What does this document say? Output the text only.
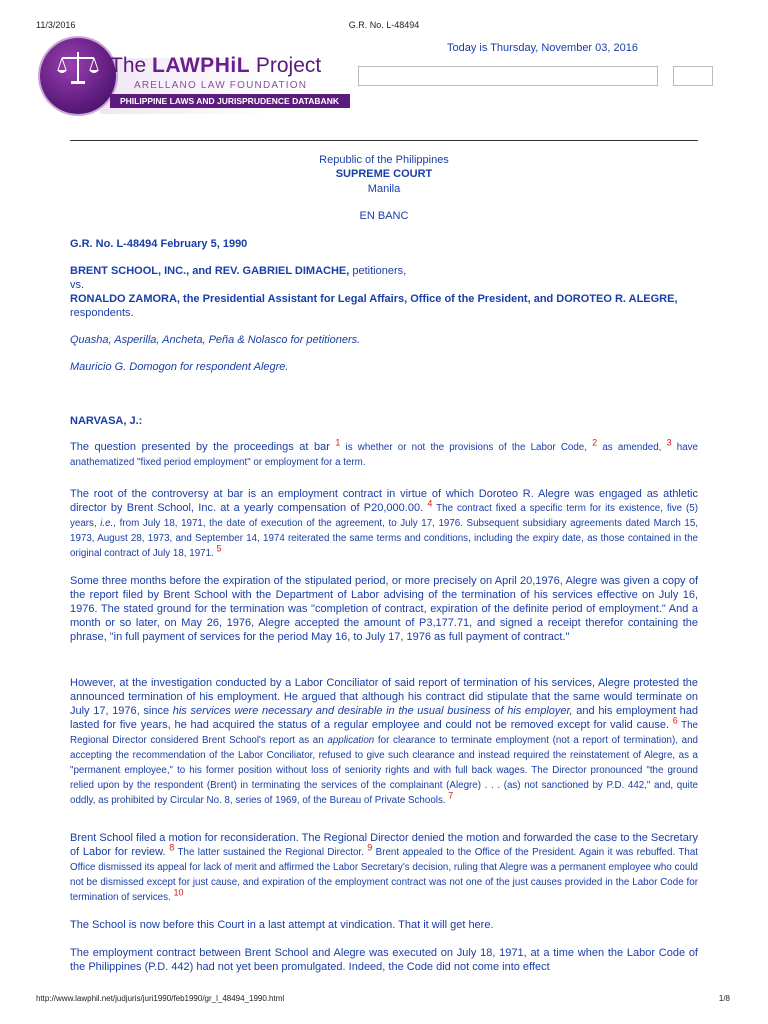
11/3/2016	G.R. No. L-48494
The LAWPHiL Project
ARELLANO LAW FOUNDATION
PHILIPPINE LAWS AND JURISPRUDENCE DATABANK
Today is Thursday, November 03, 2016
Republic of the Philippines
SUPREME COURT
Manila
EN BANC
G.R. No. L-48494 February 5, 1990
BRENT SCHOOL, INC., and REV. GABRIEL DIMACHE, petitioners,
vs.
RONALDO ZAMORA, the Presidential Assistant for Legal Affairs, Office of the President, and DOROTEO R. ALEGRE, respondents.
Quasha, Asperilla, Ancheta, Peña & Nolasco for petitioners.
Mauricio G. Domogon for respondent Alegre.
NARVASA, J.:
The question presented by the proceedings at bar $^1$ is whether or not the provisions of the Labor Code, $^2$ as amended, $^3$ have anathematized "fixed period employment" or employment for a term.
The root of the controversy at bar is an employment contract in virtue of which Doroteo R. Alegre was engaged as athletic director by Brent School, Inc. at a yearly compensation of P20,000.00. $^4$ The contract fixed a specific term for its existence, five (5) years, i.e., from July 18, 1971, the date of execution of the agreement, to July 17, 1976. Subsequent subsidiary agreements dated March 15, 1973, August 28, 1973, and September 14, 1974 reiterated the same terms and conditions, including the expiry date, as those contained in the original contract of July 18, 1971. $^5$
Some three months before the expiration of the stipulated period, or more precisely on April 20,1976, Alegre was given a copy of the report filed by Brent School with the Department of Labor advising of the termination of his services effective on July 16, 1976. The stated ground for the termination was "completion of contract, expiration of the definite period of employment." And a month or so later, on May 26, 1976, Alegre accepted the amount of P3,177.71, and signed a receipt therefor containing the phrase, "in full payment of services for the period May 16, to July 17, 1976 as full payment of contract."
However, at the investigation conducted by a Labor Conciliator of said report of termination of his services, Alegre protested the announced termination of his employment. He argued that although his contract did stipulate that the same would terminate on July 17, 1976, since his services were necessary and desirable in the usual business of his employer, and his employment had lasted for five years, he had acquired the status of a regular employee and could not be removed except for valid cause. $^6$ The Regional Director considered Brent School's report as an application for clearance to terminate employment (not a report of termination), and accepting the recommendation of the Labor Conciliator, refused to give such clearance and instead required the reinstatement of Alegre, as a "permanent employee," to his former position without loss of seniority rights and with full back wages. The Director pronounced "the ground relied upon by the respondent (Brent) in terminating the services of the complainant (Alegre) . . . (as) not sanctioned by P.D. 442," and, quite oddly, as prohibited by Circular No. 8, series of 1969, of the Bureau of Private Schools. $^7$
Brent School filed a motion for reconsideration. The Regional Director denied the motion and forwarded the case to the Secretary of Labor for review. $^8$ The latter sustained the Regional Director. $^9$ Brent appealed to the Office of the President. Again it was rebuffed. That Office dismissed its appeal for lack of merit and affirmed the Labor Secretary's decision, ruling that Alegre was a permanent employee who could not be dismissed except for just cause, and expiration of the employment contract was not one of the just causes provided in the Labor Code for termination of services. $^{10}$
The School is now before this Court in a last attempt at vindication. That it will get here.
The employment contract between Brent School and Alegre was executed on July 18, 1971, at a time when the Labor Code of the Philippines (P.D. 442) had not yet been promulgated. Indeed, the Code did not come into effect
http://www.lawphil.net/judjuris/juri1990/feb1990/gr_l_48494_1990.html	1/8
